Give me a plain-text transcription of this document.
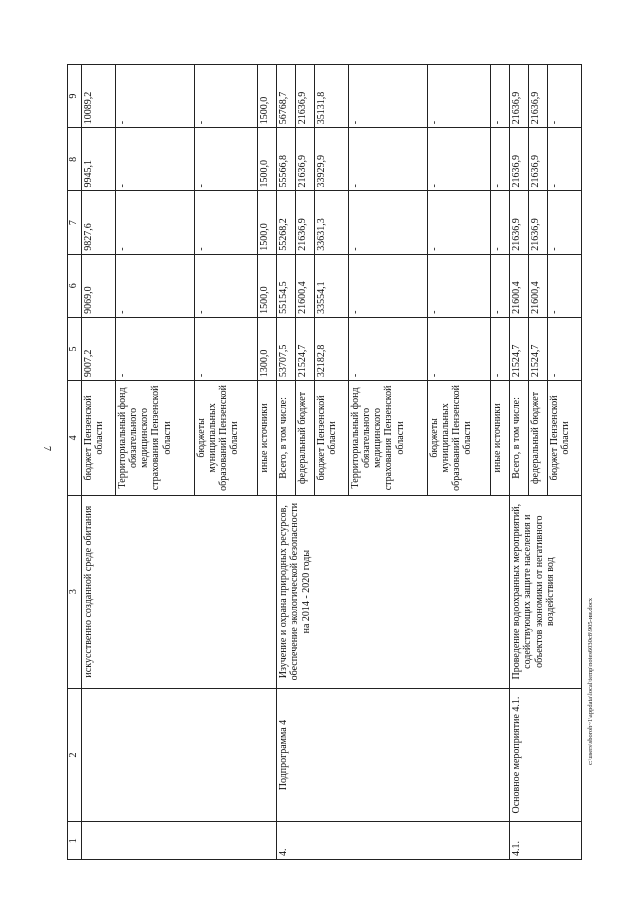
7
1	2	3	4	5	6	7	8	9
		искусственно созданной среде обитания	бюджет Пензенской области	9007,2	9069,0	9827,6	9945,1	10089,2
			Территориальный фонд обязательного медицинского страхования Пензенской области	-	-	-	-	-
			бюджеты муниципальных образований Пензенской области	-	-	-	-	-
			иные источники	1300,0	1500,0	1500,0	1500,0	1500,0
4.	Подпрограмма 4	Изучение и охрана природных ресурсов, обеспечение экологической безопасности на 2014 - 2020 годы	Всего, в том числе:	53707,5	55154,5	55268,2	55566,8	56768,7
			федеральный бюджет	21524,7	21600,4	21636,9	21636,9	21636,9
			бюджет Пензенской области	32182,8	33554,1	33631,3	33929,9	35131,8
			Территориальный фонд обязательного медицинского страхования Пензенской области	-	-	-	-	-
			бюджеты муниципальных образований Пензенской области	-	-	-	-	-
			иные источники	-	-	-	-	-
4.1.	Основное мероприятие 4.1.	Проведение водоохранных мероприятий, содействующих защите населения и объектов экономики от негативного воздействия вод	Всего, в том числе:	21524,7	21600,4	21636,9	21636,9	21636,9
			федеральный бюджет	21524,7	21600,4	21636,9	21636,9	21636,9
			бюджет Пензенской области	-	-	-	-	-
c:\users\sboroh~1\appdata\local\temp\notes6030c8\905-ии.docx
